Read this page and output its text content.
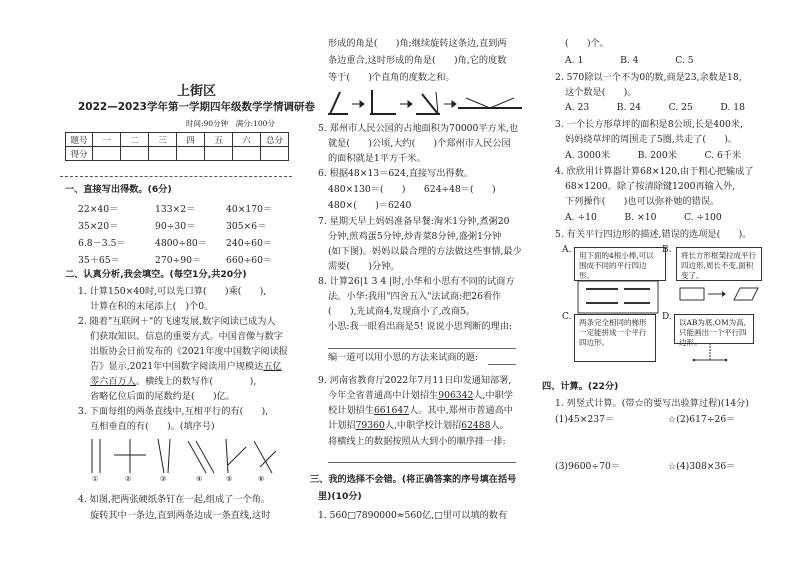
上街区
2022—2023学年第一学期四年级数学学情调研卷
时间:90分钟　满分:100分
题号	一	二	三	四	五	六	总分
得分							
一、直接写出得数。(6分)
22×40＝	133×2＝	40×170＝
35×20＝	90÷30＝	305×6＝
6.8－3.5＝	4800÷80＝ 240÷60＝
35＋65＝	270÷90＝	660÷60＝
二、认真分析,我会填空。(每空1分,共20分)
1. 计算150×40时,可以先口算(　　)乘(　　),
计算在积的末尾添上(　)个0。
2. 随着"互联网＋"的飞速发展,数字阅读已成为人
们获取知识、信息的重要方式。中国音像与数字
出版协会日前发布的《2021年度中国数字阅读报
告》显示,2021年中国数字阅读用户规模达五亿
零六百万人。横线上的数写作(　　　　),
省略亿位后面的尾数约是(　　)亿。
3. 下面每组的两条直线中,互相平行的有(　　),
互相垂直的有(　　)。(填序号)
①	②	③	④	⑤	⑥
4. 如图,把两张硬纸条钉在一起,组成了一个角。
旋转其中一条边,直到两条边成一条直线,这时
形成的角是(　　)角;继续旋转这条边,直到两
条边重合,这时形成的角是(　　)角,它的度数
等于(　　)个直角的度数之和。
5. 郑州市人民公园的占地面积为70000平方米,也
就是(　　)公顷,大约(　　)个郑州市人民公园
的面积就是1平方千米。
6. 根据48×13＝624,直接写出得数。
480×130＝(　　)　　624÷48＝(　　)
480×(　　)＝6240
7. 星期天早上妈妈准备早餐:淘米1分钟,煮粥20
分钟,煎鸡蛋5分钟,炒青菜8分钟,盛粥1分钟
(如下图)。妈妈以最合理的方法做这些事情,最少
需要(　　)分钟。
8. 计算26|1 3 4 |时,小华和小思有不同的试商方
法。小华:我用"四舍五入"法试商:把26看作
(　　),先试商4,发现商小了,改商5。
小思:我一眼看出商是5! 说说小思判断的理由:
编一道可以用小思的方法来试商的题:
9. 河南省教育厅2022年7月11日印发通知部署,
今年全省普通高中计划招生906342人,中职学
校计划招生661647人。其中,郑州市普通高中
计划招79360人,中职学校计划招62488人。
将横线上的数据按照从大到小的顺序排一排:
三、我的选择不会错。(将正确答案的序号填在括号
里)(10分)
1. 560□7890000≈560亿,□里可以填的数有
(　　)个。
A. 1　　　　B. 4　　　　C. 5
2. 570除以一个不为0的数,商是23,余数是18,
这个数是(　　)。
A. 23　　　B. 24　　　C. 25　　　D. 18
3. 一个长方形草坪的面积是8公顷,长是400米,
妈妈绕草坪的周围走了5圈,共走了(　　)。
A. 3000米　　　B. 200米　　　C. 6千米
4. 欣欣用计算器计算68×120,由于粗心把输成了
68×1200。除了按清除键1200再输入外,
下列操作(　　)也可以弥补她的错误。
A. ÷10　　　B. ×10　　　C. ÷100
5. 有关平行四边形的描述,错误的选项是(　　)。
A.
用下面的4根小棒,可以围成不同的平行四边形。
B.
将长方形框架拉成平行四边形,周长不变,面积变了。
C.
两条完全相同的梯形一定能拼成一个平行四边形。
D.
以AB为底,OM为高,只能画出一个平行四边形。
四、计算。(22分)
1. 列竖式计算。(带☆的要写出验算过程)(14分)
(1)45×237＝	☆(2)617÷26＝
(3)9600÷70＝	☆(4)308×36＝
